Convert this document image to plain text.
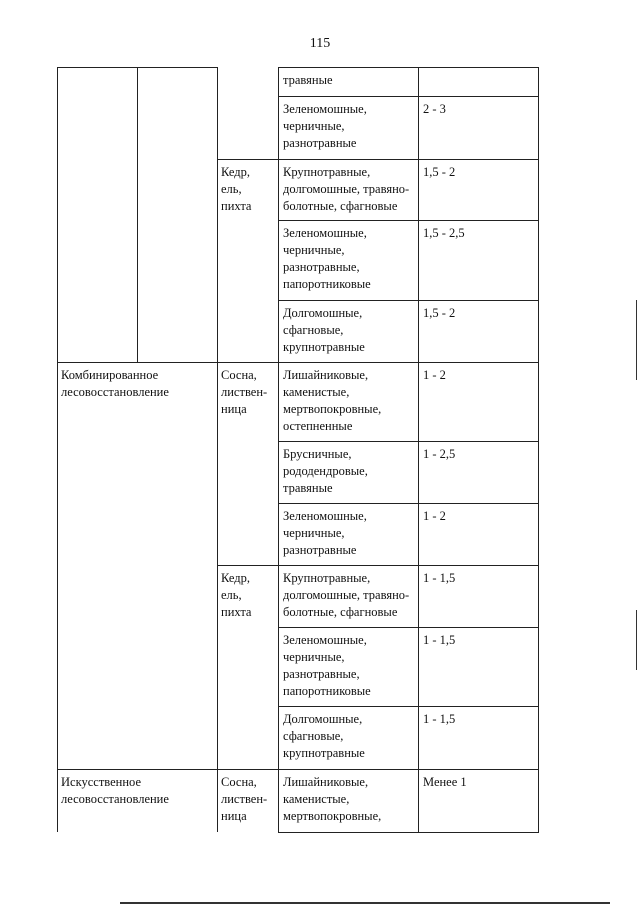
115
травяные
Зеленомошные,
черничные,
разнотравные
2 - 3
Крупнотравные,
долгомошные, травяно-
болотные, сфагновые
1,5 - 2
Зеленомошные,
черничные,
разнотравные,
папоротниковые
1,5 - 2,5
Долгомошные,
сфагновые,
крупнотравные
1,5 - 2
Лишайниковые,
каменистые,
мертвопокровные,
остепненные
1 - 2
Брусничные,
рододендровые,
травяные
1 - 2,5
Зеленомошные,
черничные,
разнотравные
1 - 2
Крупнотравные,
долгомошные, травяно-
болотные, сфагновые
1 - 1,5
Зеленомошные,
черничные,
разнотравные,
папоротниковые
1 - 1,5
Долгомошные,
сфагновые,
крупнотравные
1 - 1,5
Лишайниковые,
каменистые,
мертвопокровные,
Менее 1
Кедр,
ель,
пихта
Сосна,
листвен-
ница
Кедр,
ель,
пихта
Сосна,
листвен-
ница
Комбинированное
лесовосстановление
Искусственное
лесовосстановление
